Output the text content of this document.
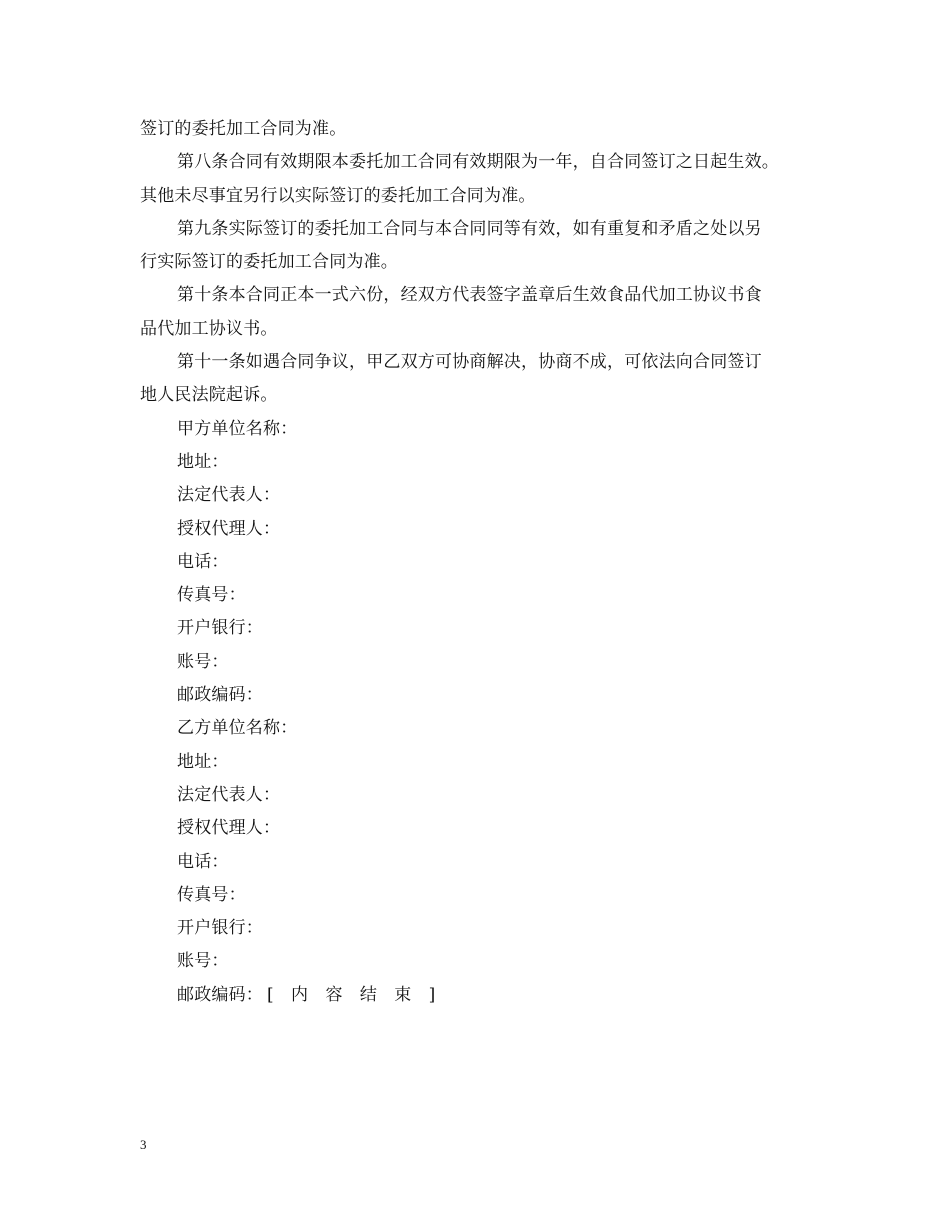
签订的委托加工合同为准。
第八条合同有效期限本委托加工合同有效期限为一年，自合同签订之日起生效。
其他未尽事宜另行以实际签订的委托加工合同为准。
第九条实际签订的委托加工合同与本合同同等有效，如有重复和矛盾之处以另
行实际签订的委托加工合同为准。
第十条本合同正本一式六份，经双方代表签字盖章后生效食品代加工协议书食
品代加工协议书。
第十一条如遇合同争议，甲乙双方可协商解决，协商不成，可依法向合同签订
地人民法院起诉。
甲方单位名称：
地址：
法定代表人：
授权代理人：
电话：
传真号：
开户银行：
账号：
邮政编码：
乙方单位名称：
地址：
法定代表人：
授权代理人：
电话：
传真号：
开户银行：
账号：
邮政编码： [ 内 容 结 束 ]
3
